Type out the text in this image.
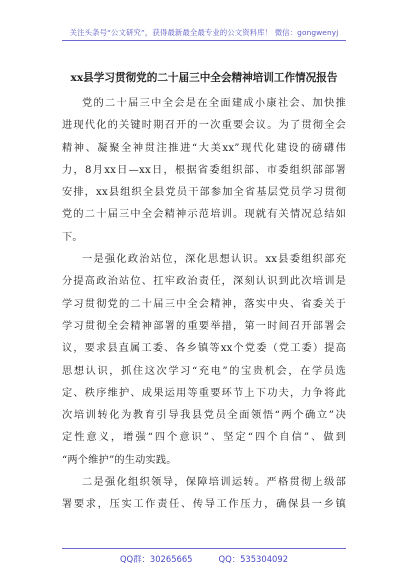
关注头条号“公文研究”，获得最新最全最专业的公文资料库！ 微信：gongwenyj
xx县学习贯彻党的二十届三中全会精神培训工作情况报告
党的二十届三中全会是在全面建成小康社会、加快推
进现代化的关键时期召开的一次重要会议。为了贯彻全会
精神、凝聚全神贯注推进“大美xx”现代化建设的磅礴伟
力，8月xx日—xx日，根据省委组织部、市委组织部部署
安排，xx县组织全县党员干部参加全省基层党员学习贯彻
党的二十届三中全会精神示范培训。现就有关情况总结如
下。
一是强化政治站位，深化思想认识。xx县委组织部充
分提高政治站位、扛牢政治责任，深刻认识到此次培训是
学习贯彻党的二十届三中全会精神，落实中央、省委关于
学习贯彻全会精神部署的重要举措，第一时间召开部署会
议，要求县直属工委、各乡镇等xx个党委（党工委）提高
思想认识，抓住这次学习“充电”的宝贵机会，在学员选
定、秩序维护、成果运用等重要环节上下功夫，力争将此
次培训转化为教育引导我县党员全面领悟“两个确立”决
定性意义，增强“四个意识”、坚定“四个自信”、做到
“两个维护”的生动实践。
二是强化组织领导，保障培训运转。严格贯彻上级部
署要求，压实工作责任、传导工作压力，确保县一乡镇
QQ群：30265665	QQ：535304092
